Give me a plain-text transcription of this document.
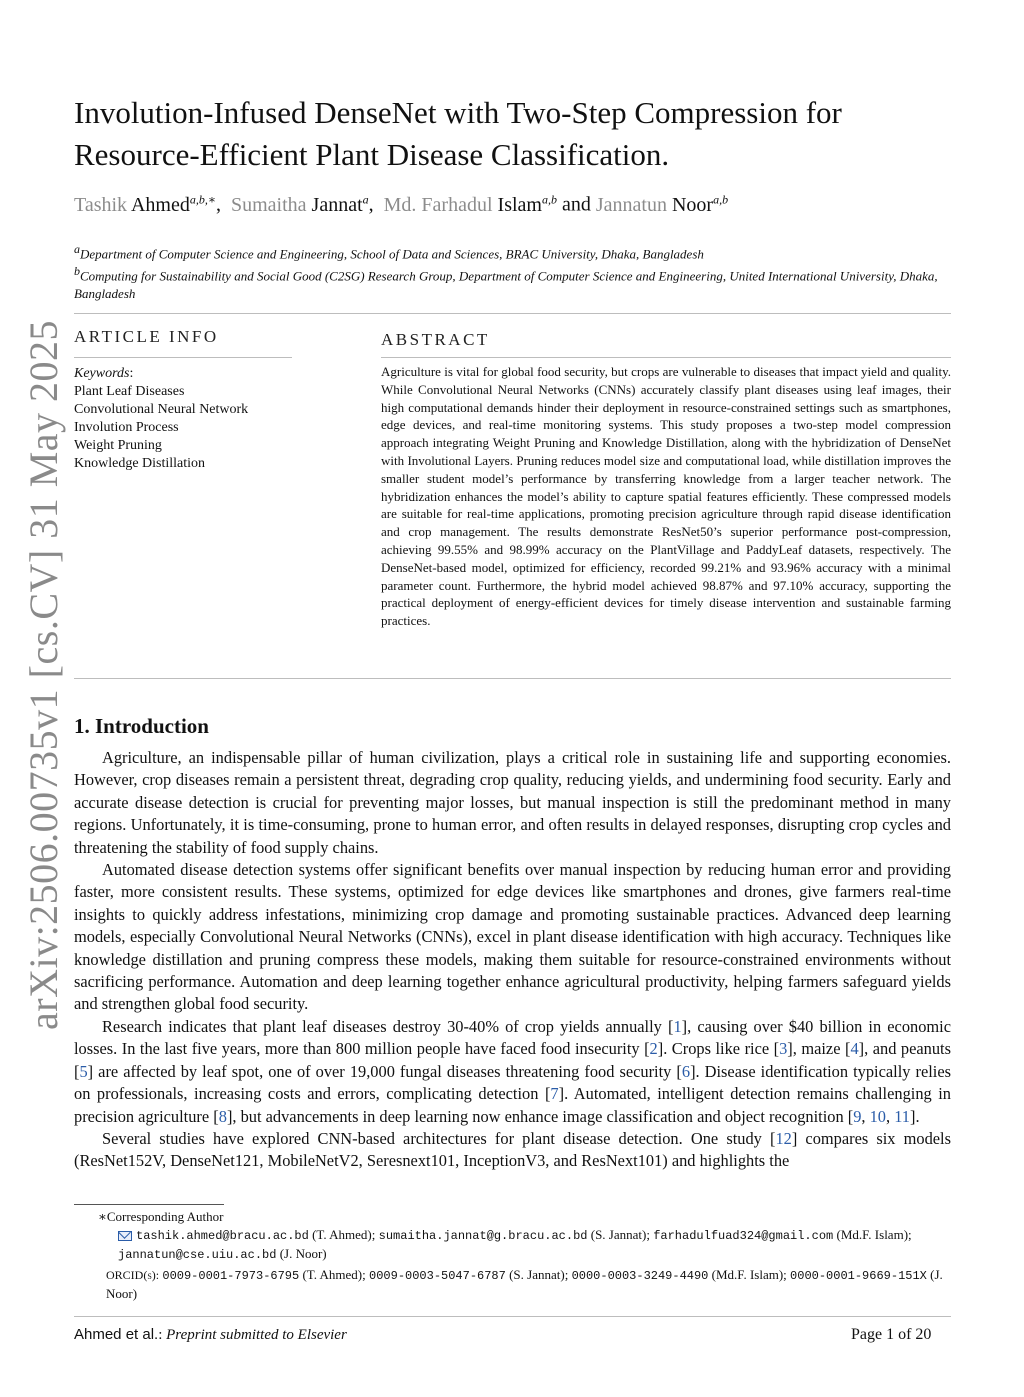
arXiv:2506.00735v1 [cs.CV] 31 May 2025
Involution-Infused DenseNet with Two-Step Compression for
Resource-Efficient Plant Disease Classification.
Tashik Ahmed$^{a,b,∗}$,  Sumaitha Jannat$^a$,  Md. Farhadul Islam$^{a,b}$ and Jannatun Noor$^{a,b}$
$^a$Department of Computer Science and Engineering, School of Data and Sciences, BRAC University, Dhaka, Bangladesh
$^b$Computing for Sustainability and Social Good (C2SG) Research Group, Department of Computer Science and Engineering, United International University, Dhaka, Bangladesh
ARTICLE INFO	ABSTRACT
Keywords:
Plant Leaf Diseases
Convolutional Neural Network
Involution Process
Weight Pruning
Knowledge Distillation
Agriculture is vital for global food security, but crops are vulnerable to diseases that impact yield and quality. While Convolutional Neural Networks (CNNs) accurately classify plant diseases using leaf images, their high computational demands hinder their deployment in resource-constrained settings such as smartphones, edge devices, and real-time monitoring systems. This study proposes a two-step model compression approach integrating Weight Pruning and Knowledge Distillation, along with the hybridization of DenseNet with Involutional Layers. Pruning reduces model size and computational load, while distillation improves the smaller student model’s performance by transferring knowledge from a larger teacher network. The hybridization enhances the model’s ability to capture spatial features efficiently. These compressed models are suitable for real-time applications, promoting precision agriculture through rapid disease identification and crop management. The results demonstrate ResNet50’s superior performance post-compression, achieving 99.55% and 98.99% accuracy on the PlantVillage and PaddyLeaf datasets, respectively. The DenseNet-based model, optimized for efficiency, recorded 99.21% and 93.96% accuracy with a minimal parameter count. Furthermore, the hybrid model achieved 98.87% and 97.10% accuracy, supporting the practical deployment of energy-efficient devices for timely disease intervention and sustainable farming practices.
1. Introduction

Agriculture, an indispensable pillar of human civilization, plays a critical role in sustaining life and supporting economies. However, crop diseases remain a persistent threat, degrading crop quality, reducing yields, and undermining food security. Early and accurate disease detection is crucial for preventing major losses, but manual inspection is still the predominant method in many regions. Unfortunately, it is time-consuming, prone to human error, and often results in delayed responses, disrupting crop cycles and threatening the stability of food supply chains.

Automated disease detection systems offer significant benefits over manual inspection by reducing human error and providing faster, more consistent results. These systems, optimized for edge devices like smartphones and drones, give farmers real-time insights to quickly address infestations, minimizing crop damage and promoting sustainable practices. Advanced deep learning models, especially Convolutional Neural Networks (CNNs), excel in plant disease identification with high accuracy. Techniques like knowledge distillation and pruning compress these models, making them suitable for resource-constrained environments without sacrificing performance. Automation and deep learning together enhance agricultural productivity, helping farmers safeguard yields and strengthen global food security.

Research indicates that plant leaf diseases destroy 30-40% of crop yields annually [1], causing over $40 billion in economic losses. In the last five years, more than 800 million people have faced food insecurity [2]. Crops like rice [3], maize [4], and peanuts [5] are affected by leaf spot, one of over 19,000 fungal diseases threatening food security [6]. Disease identification typically relies on professionals, increasing costs and errors, complicating detection [7]. Automated, intelligent detection remains challenging in precision agriculture [8], but advancements in deep learning now enhance image classification and object recognition [9, 10, 11].

Several studies have explored CNN-based architectures for plant disease detection. One study [12] compares six models (ResNet152V, DenseNet121, MobileNetV2, Seresnext101, InceptionV3, and ResNext101) and highlights the

∗Corresponding Author
tashik.ahmed@bracu.ac.bd (T. Ahmed); sumaitha.jannat@g.bracu.ac.bd (S. Jannat); farhadulfuad324@gmail.com (Md.F. Islam); jannatun@cse.uiu.ac.bd (J. Noor)
ORCID(s): 0009-0001-7973-6795 (T. Ahmed); 0009-0003-5047-6787 (S. Jannat); 0000-0003-3249-4490 (Md.F. Islam); 0000-0001-9669-151X (J. Noor)
Ahmed et al.: Preprint submitted to Elsevier	Page 1 of 20
